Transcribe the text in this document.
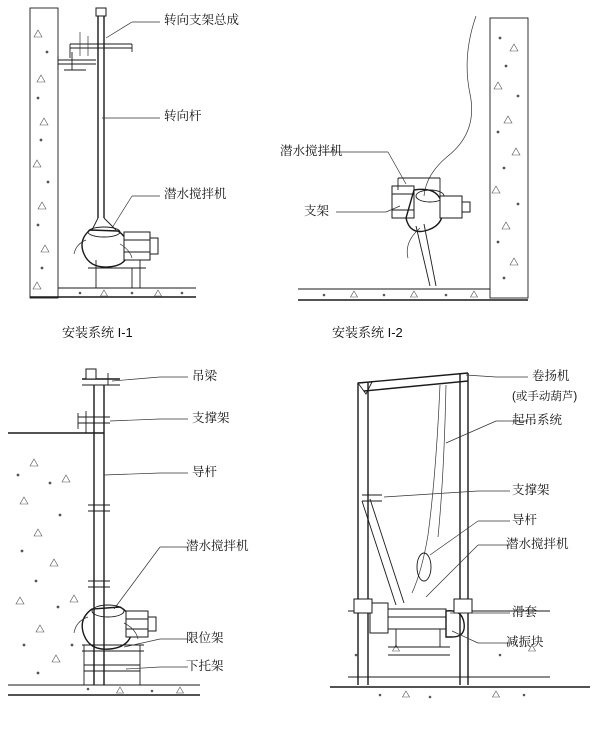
转向支架总成
转向杆
潜水搅拌机
安装系统 I-1
潜水搅拌机
支架
安装系统 I-2
吊梁
支撑架
导杆
潜水搅拌机
限位架
下托架
卷扬机
(或手动葫芦)
起吊系统
支撑架
导杆
潜水搅拌机
滑套
减振块
